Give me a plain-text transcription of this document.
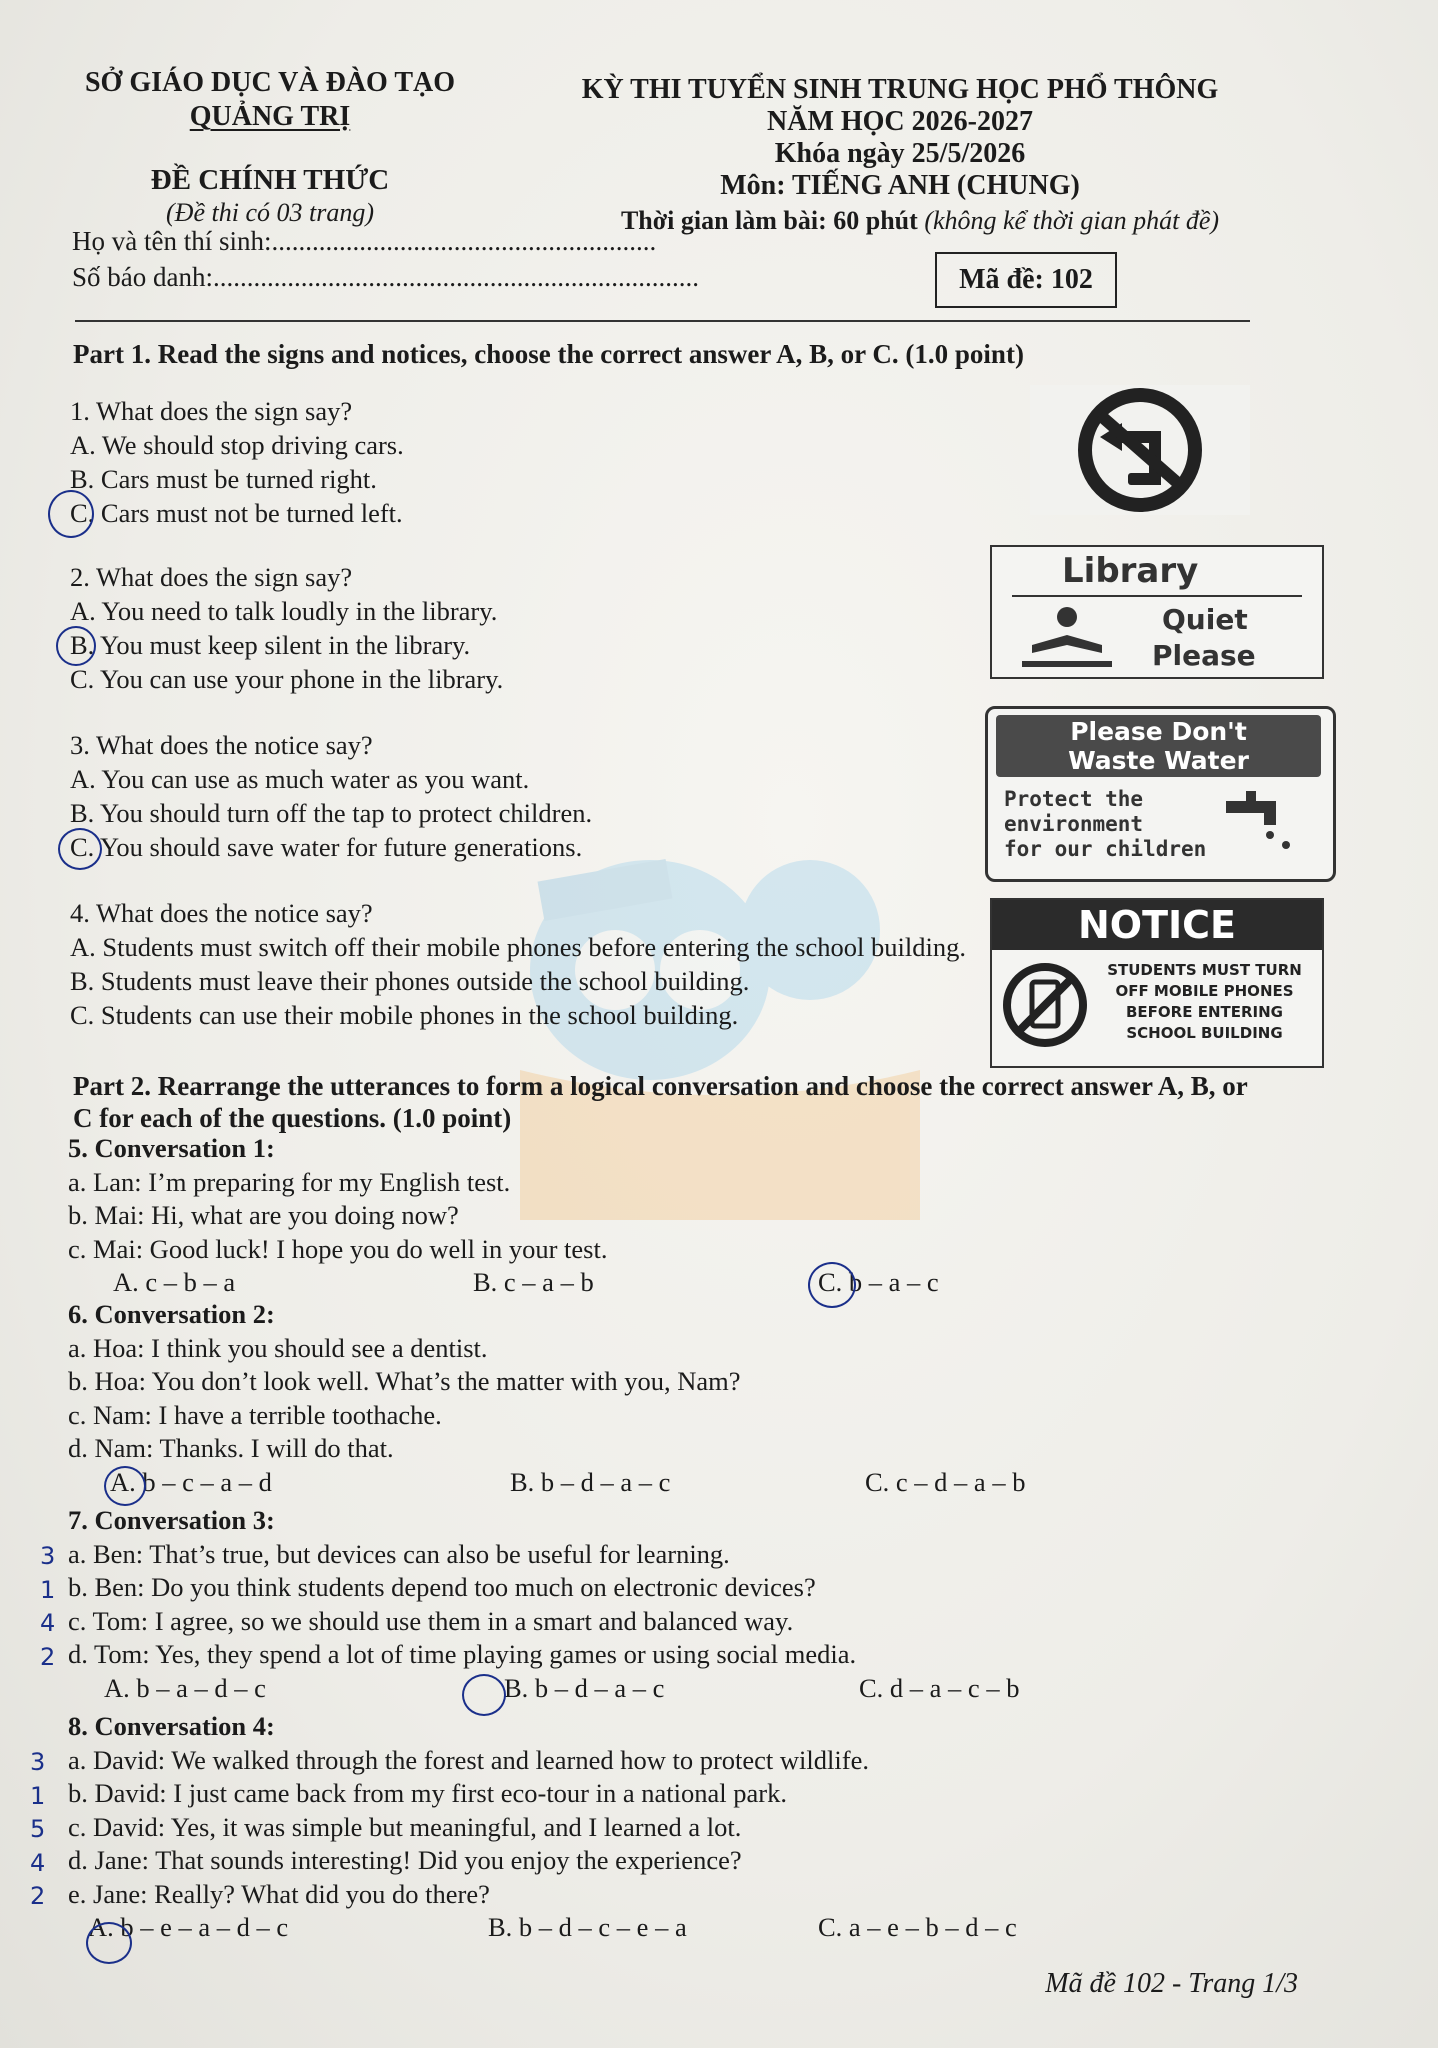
SỞ GIÁO DỤC VÀ ĐÀO TẠO
QUẢNG TRỊ
ĐỀ CHÍNH THỨC
(Đề thi có 03 trang)
KỲ THI TUYỂN SINH TRUNG HỌC PHỔ THÔNG
NĂM HỌC 2026-2027
Khóa ngày 25/5/2026
Môn: TIẾNG ANH (CHUNG)
Thời gian làm bài: 60 phút (không kể thời gian phát đề)
Họ và tên thí sinh:.........................................................
Số báo danh:........................................................................	Mã đề: 102
Part 1. Read the signs and notices, choose the correct answer A, B, or C. (1.0 point)

1. What does the sign say?

A. We should stop driving cars.

B. Cars must be turned right.

C. Cars must not be turned left.

2. What does the sign say?

A. You need to talk loudly in the library.

B. You must keep silent in the library.

C. You can use your phone in the library.

3. What does the notice say?

A. You can use as much water as you want.

B. You should turn off the tap to protect children.

C. You should save water for future generations.

4. What does the notice say?

A. Students must switch off their mobile phones before entering the school building.

B. Students must leave their phones outside the school building.

C. Students can use their mobile phones in the school building.

Library
Quiet
Please
Please Don't
Waste Water
Protect the
environment
for our children
NOTICE
STUDENTS MUST TURN
OFF MOBILE PHONES
BEFORE ENTERING
SCHOOL BUILDING
Part 2. Rearrange the utterances to form a logical conversation and choose the correct answer A, B, or
C for each of the questions. (1.0 point)

5. Conversation 1:

a. Lan: I’m preparing for my English test.

b. Mai: Hi, what are you doing now?

c. Mai: Good luck! I hope you do well in your test.

A. c – b – a	B. c – a – b	C. b – a – c

6. Conversation 2:

a. Hoa: I think you should see a dentist.

b. Hoa: You don’t look well. What’s the matter with you, Nam?

c. Nam: I have a terrible toothache.

d. Nam: Thanks. I will do that.

A. b – c – a – d	B. b – d – a – c	C. c – d – a – b

7. Conversation 3:

a. Ben: That’s true, but devices can also be useful for learning.

b. Ben: Do you think students depend too much on electronic devices?

c. Tom: I agree, so we should use them in a smart and balanced way.

d. Tom: Yes, they spend a lot of time playing games or using social media.

A. b – a – d – c	B. b – d – a – c	C. d – a – c – b

8. Conversation 4:

a. David: We walked through the forest and learned how to protect wildlife.

b. David: I just came back from my first eco-tour in a national park.

c. David: Yes, it was simple but meaningful, and I learned a lot.

d. Jane: That sounds interesting! Did you enjoy the experience?

e. Jane: Really? What did you do there?

A. b – e – a – d – c	B. b – d – c – e – a	C. a – e – b – d – c
3
1
4
2
3
1
5
4
2
Mã đề 102 - Trang 1/3
